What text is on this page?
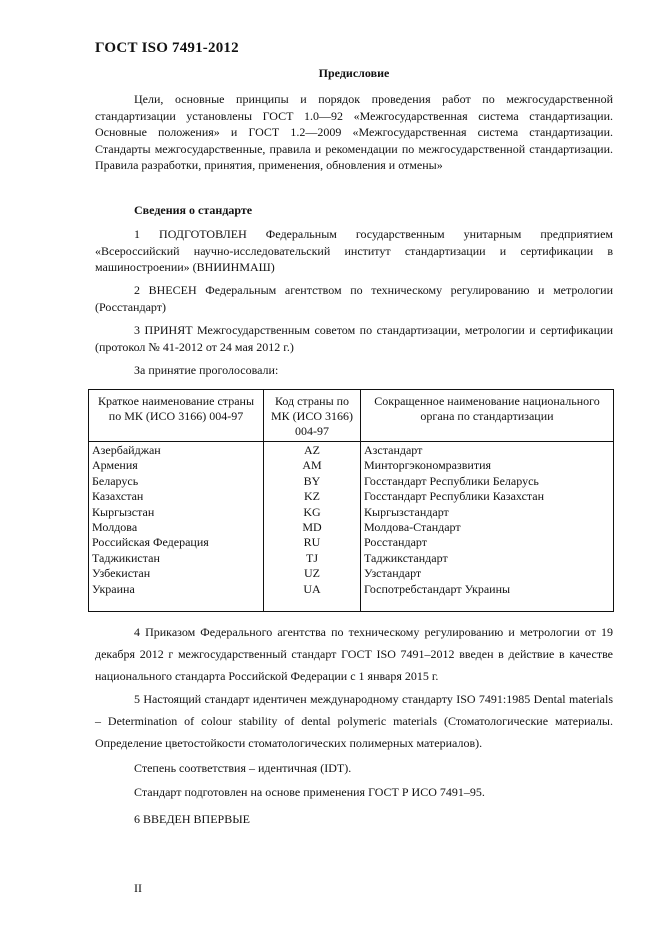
ГОСТ ISO 7491-2012
Предисловие

Цели, основные принципы и порядок проведения работ по межгосударственной стандартизации установлены ГОСТ 1.0—92 «Межгосударственная система стандартизации. Основные положения» и ГОСТ 1.2—2009 «Межгосударственная система стандартизации. Стандарты межгосударственные, правила и рекомендации по межгосударственной стандартизации. Правила разработки, принятия, применения, обновления и отмены»

Сведения о стандарте

1 ПОДГОТОВЛЕН Федеральным государственным унитарным предприятием «Всероссийский научно-исследовательский институт стандартизации и сертификации в машиностроении» (ВНИИНМАШ)

2 ВНЕСЕН Федеральным агентством по техническому регулированию и метрологии (Росстандарт)

3 ПРИНЯТ Межгосударственным советом по стандартизации, метрологии и сертификации (протокол № 41-2012 от 24 мая 2012 г.)

За принятие проголосовали:

Краткое наименование страны по МК (ИСО 3166) 004-97	Код страны по МК (ИСО 3166) 004-97	Сокращенное наименование национального органа по стандартизации
Азербайджан	AZ	Азстандарт
Армения	AM	Минторгэкономразвития
Беларусь	BY	Госстандарт Республики Беларусь
Казахстан	KZ	Госстандарт Республики Казахстан
Кыргызстан	KG	Кыргызстандарт
Молдова	MD	Молдова-Стандарт
Российская Федерация	RU	Росстандарт
Таджикистан	TJ	Таджикстандарт
Узбекистан	UZ	Узстандарт
Украина	UA	Госпотребстандарт Украины

4 Приказом Федерального агентства по техническому регулированию и метрологии от 19 декабря 2012 г межгосударственный стандарт ГОСТ ISO 7491–2012 введен в действие в качестве национального стандарта Российской Федерации с 1 января 2015 г.

5 Настоящий стандарт идентичен международному стандарту ISO 7491:1985 Dental materials – Determination of colour stability of dental polymeric materials (Стоматологические материалы. Определение цветостойкости стоматологических полимерных материалов).

Степень соответствия – идентичная (IDT).

Стандарт подготовлен на основе применения ГОСТ Р ИСО 7491–95.

6 ВВЕДЕН ВПЕРВЫЕ

II
